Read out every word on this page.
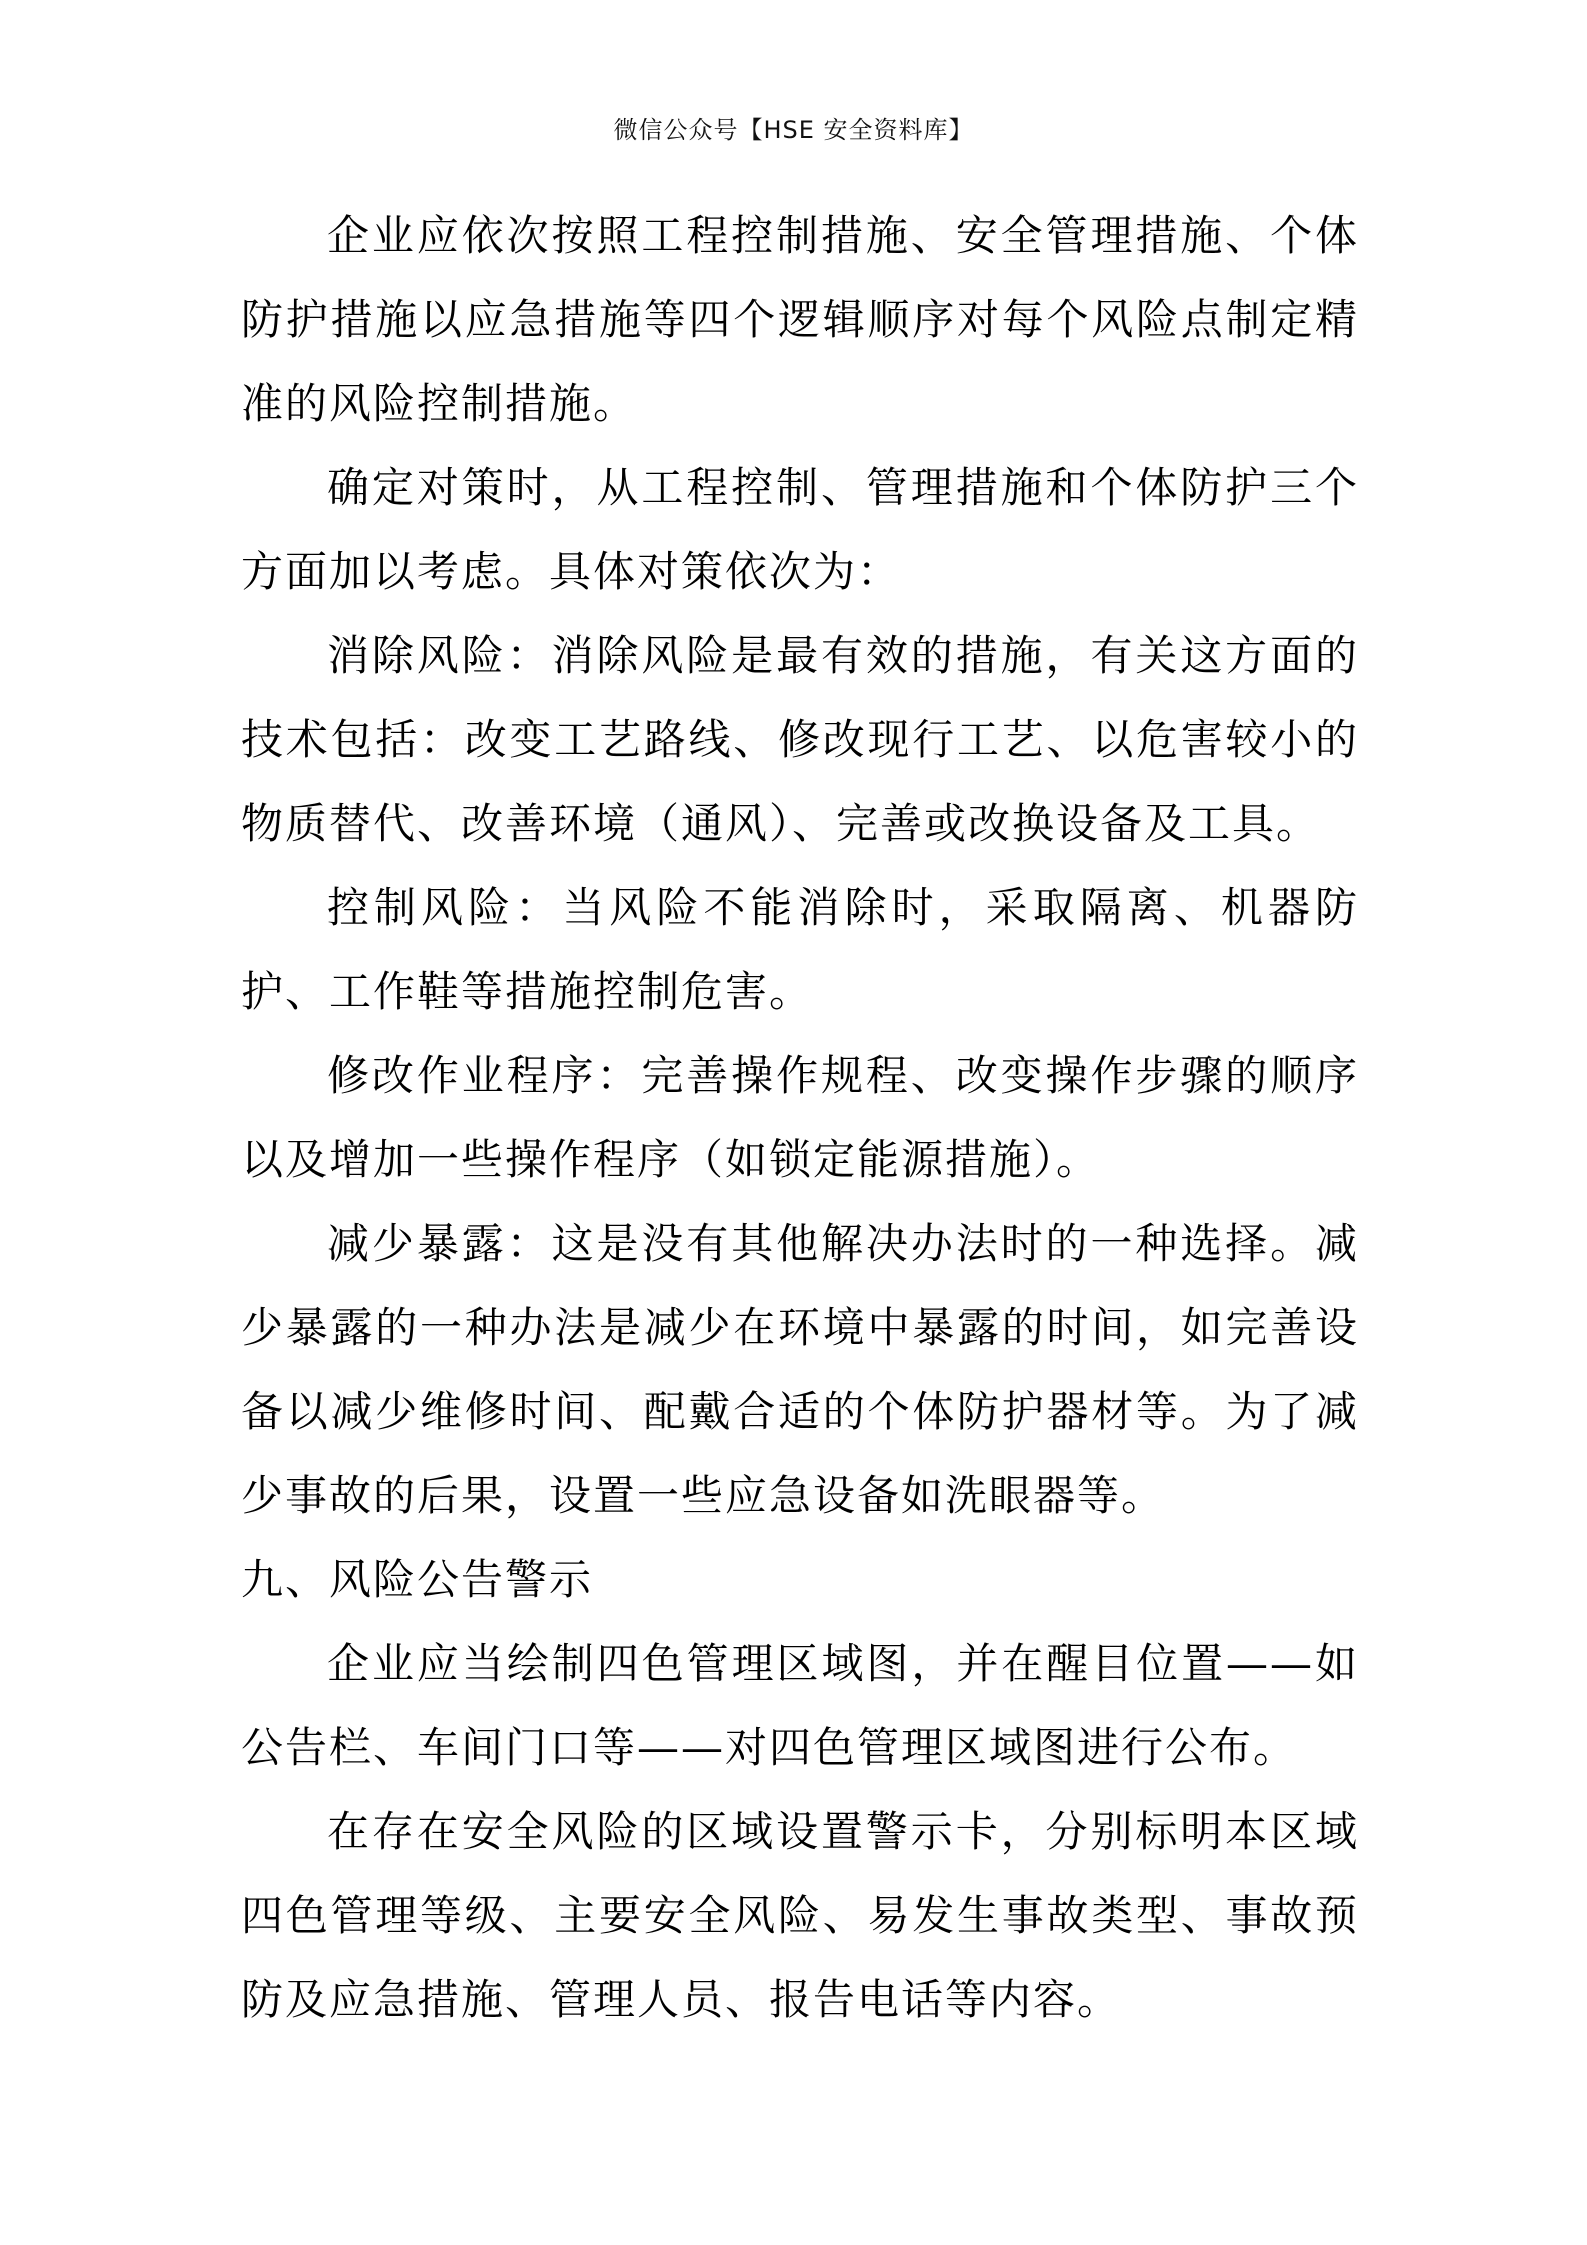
微信公众号【HSE 安全资料库】

企业应依次按照工程控制措施、安全管理措施、个体防护措施以应急措施等四个逻辑顺序对每个风险点制定精准的风险控制措施。

确定对策时，从工程控制、管理措施和个体防护三个方面加以考虑。具体对策依次为：

消除风险：消除风险是最有效的措施，有关这方面的技术包括：改变工艺路线、修改现行工艺、以危害较小的物质替代、改善环境（通风）、完善或改换设备及工具。

控制风险：当风险不能消除时，采取隔离、机器防护、工作鞋等措施控制危害。

修改作业程序：完善操作规程、改变操作步骤的顺序以及增加一些操作程序（如锁定能源措施）。

减少暴露：这是没有其他解决办法时的一种选择。减少暴露的一种办法是减少在环境中暴露的时间，如完善设备以减少维修时间、配戴合适的个体防护器材等。为了减少事故的后果，设置一些应急设备如洗眼器等。

九、风险公告警示

企业应当绘制四色管理区域图，并在醒目位置——如公告栏、车间门口等——对四色管理区域图进行公布。

在存在安全风险的区域设置警示卡，分别标明本区域四色管理等级、主要安全风险、易发生事故类型、事故预防及应急措施、管理人员、报告电话等内容。
